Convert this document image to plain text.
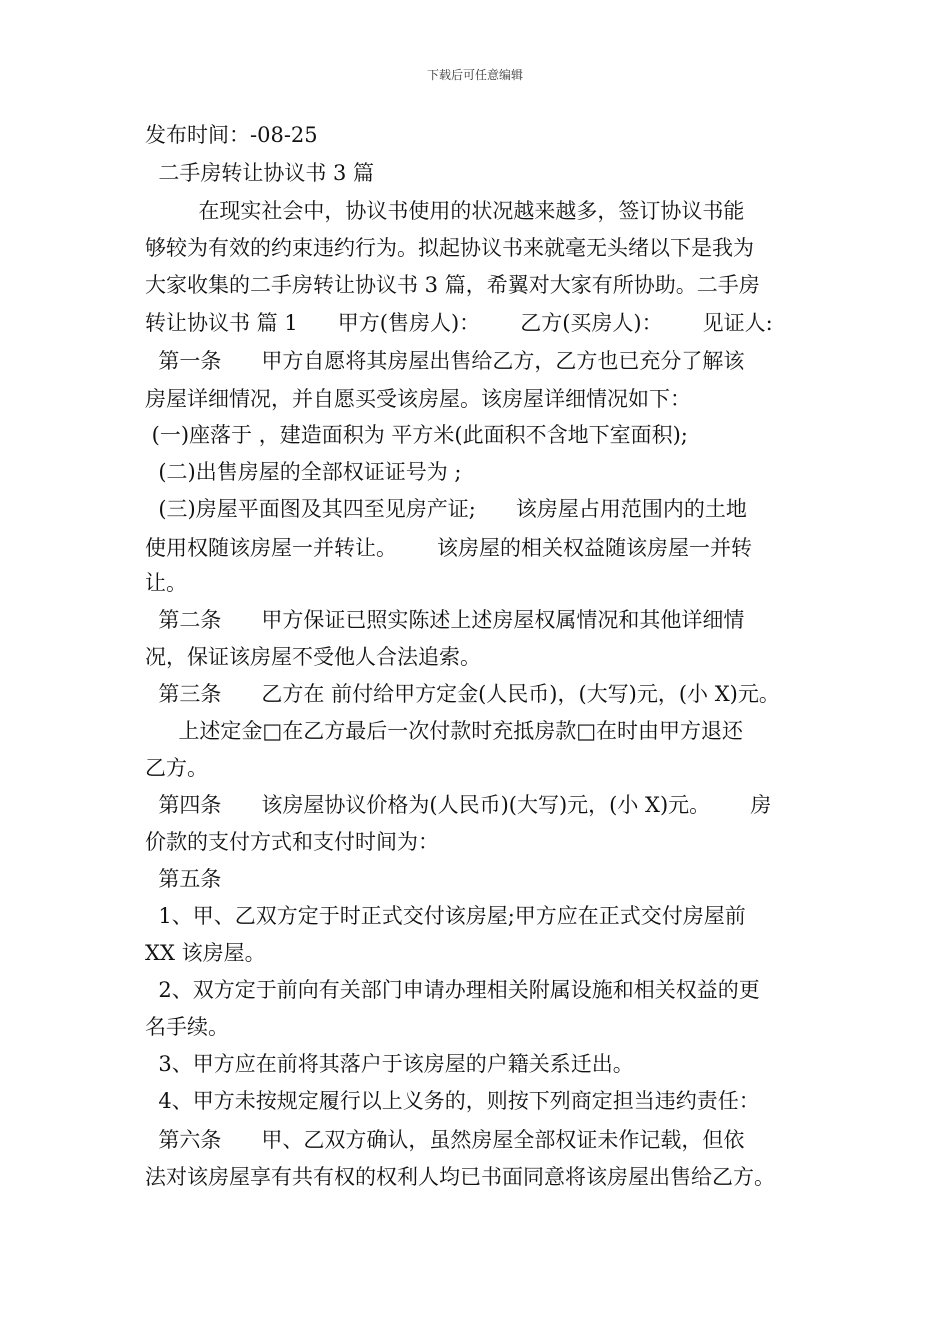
下载后可任意编辑
发布时间：-08-25
二手房转让协议书 3 篇
在现实社会中，协议书使用的状况越来越多，签订协议书能
够较为有效的约束违约行为。拟起协议书来就毫无头绪以下是我为
大家收集的二手房转让协议书 3 篇，希翼对大家有所协助。二手房
转让协议书 篇 1      甲方(售房人)：      乙方(买房人)：      见证人:
第一条      甲方自愿将其房屋出售给乙方，乙方也已充分了解该
房屋详细情况，并自愿买受该房屋。该房屋详细情况如下：
(一)座落于 ，建造面积为 平方米(此面积不含地下室面积);
(二)出售房屋的全部权证证号为 ;
(三)房屋平面图及其四至见房产证;      该房屋占用范围内的土地
使用权随该房屋一并转让。      该房屋的相关权益随该房屋一并转
让。
第二条      甲方保证已照实陈述上述房屋权属情况和其他详细情
况，保证该房屋不受他人合法追索。
第三条      乙方在 前付给甲方定金(人民币)，(大写)元，(小 X)元。
上述定金□在乙方最后一次付款时充抵房款□在时由甲方退还
乙方。
第四条      该房屋协议价格为(人民币)(大写)元，(小 X)元。      房
价款的支付方式和支付时间为：
第五条
1、甲、乙双方定于时正式交付该房屋;甲方应在正式交付房屋前
XX 该房屋。
2、双方定于前向有关部门申请办理相关附属设施和相关权益的更
名手续。
3、甲方应在前将其落户于该房屋的户籍关系迁出。
4、甲方未按规定履行以上义务的，则按下列商定担当违约责任：
第六条      甲、乙双方确认，虽然房屋全部权证未作记载，但依
法对该房屋享有共有权的权利人均已书面同意将该房屋出售给乙方。
